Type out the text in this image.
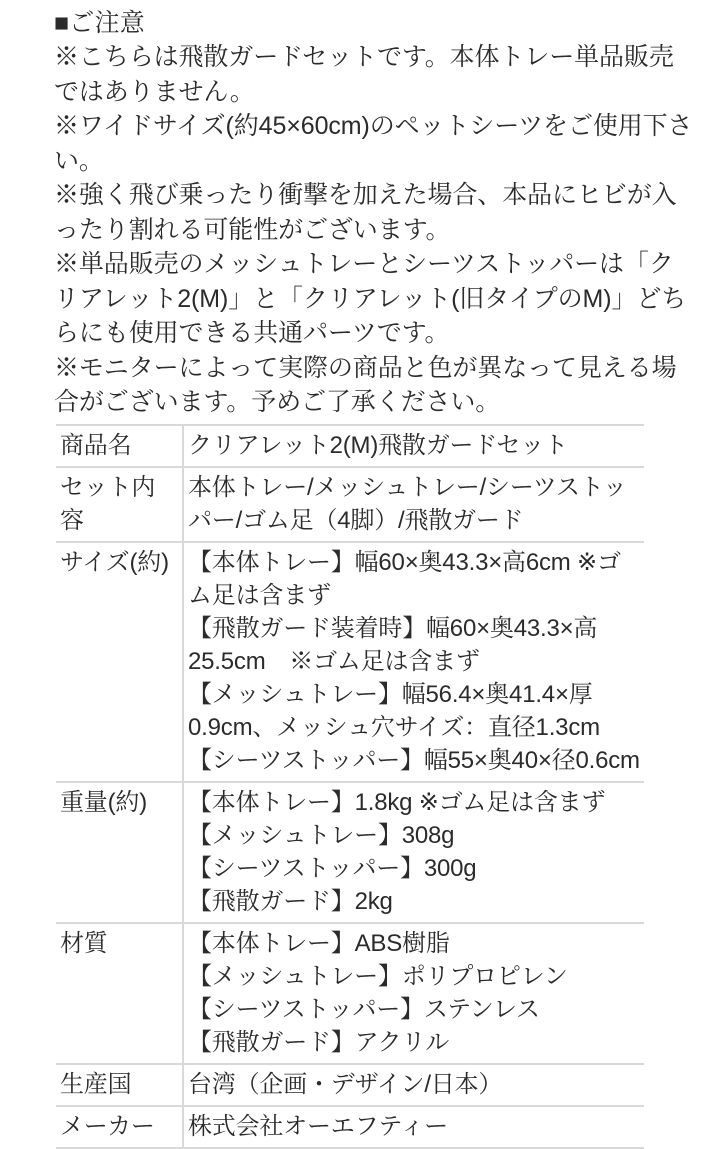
■ご注意
※こちらは飛散ガードセットです。本体トレー単品販売ではありません。
※ワイドサイズ(約45×60cm)のペットシーツをご使用下さい。
※強く飛び乗ったり衝撃を加えた場合、本品にヒビが入ったり割れる可能性がございます。
※単品販売のメッシュトレーとシーツストッパーは「クリアレット2(M)」と「クリアレット(旧タイプのM)」どちらにも使用できる共通パーツです。
※モニターによって実際の商品と色が異なって見える場合がございます。予めご了承ください。
商品名	クリアレット2(M)飛散ガードセット

セット内容	本体トレー/メッシュトレー/シーツストッパー/ゴム足（4脚）/飛散ガード

サイズ(約)	【本体トレー】幅60×奥43.3×高6cm ※ゴム足は含まず
【飛散ガード装着時】幅60×奥43.3×高25.5cm　※ゴム足は含まず
【メッシュトレー】幅56.4×奥41.4×厚0.9cm、メッシュ穴サイズ：直径1.3cm
【シーツストッパー】幅55×奥40×径0.6cm

重量(約)	【本体トレー】1.8kg ※ゴム足は含まず
【メッシュトレー】308g
【シーツストッパー】300g
【飛散ガード】2kg

材質	【本体トレー】ABS樹脂
【メッシュトレー】ポリプロピレン
【シーツストッパー】ステンレス
【飛散ガード】アクリル

生産国	台湾（企画・デザイン/日本）

メーカー	株式会社オーエフティー
